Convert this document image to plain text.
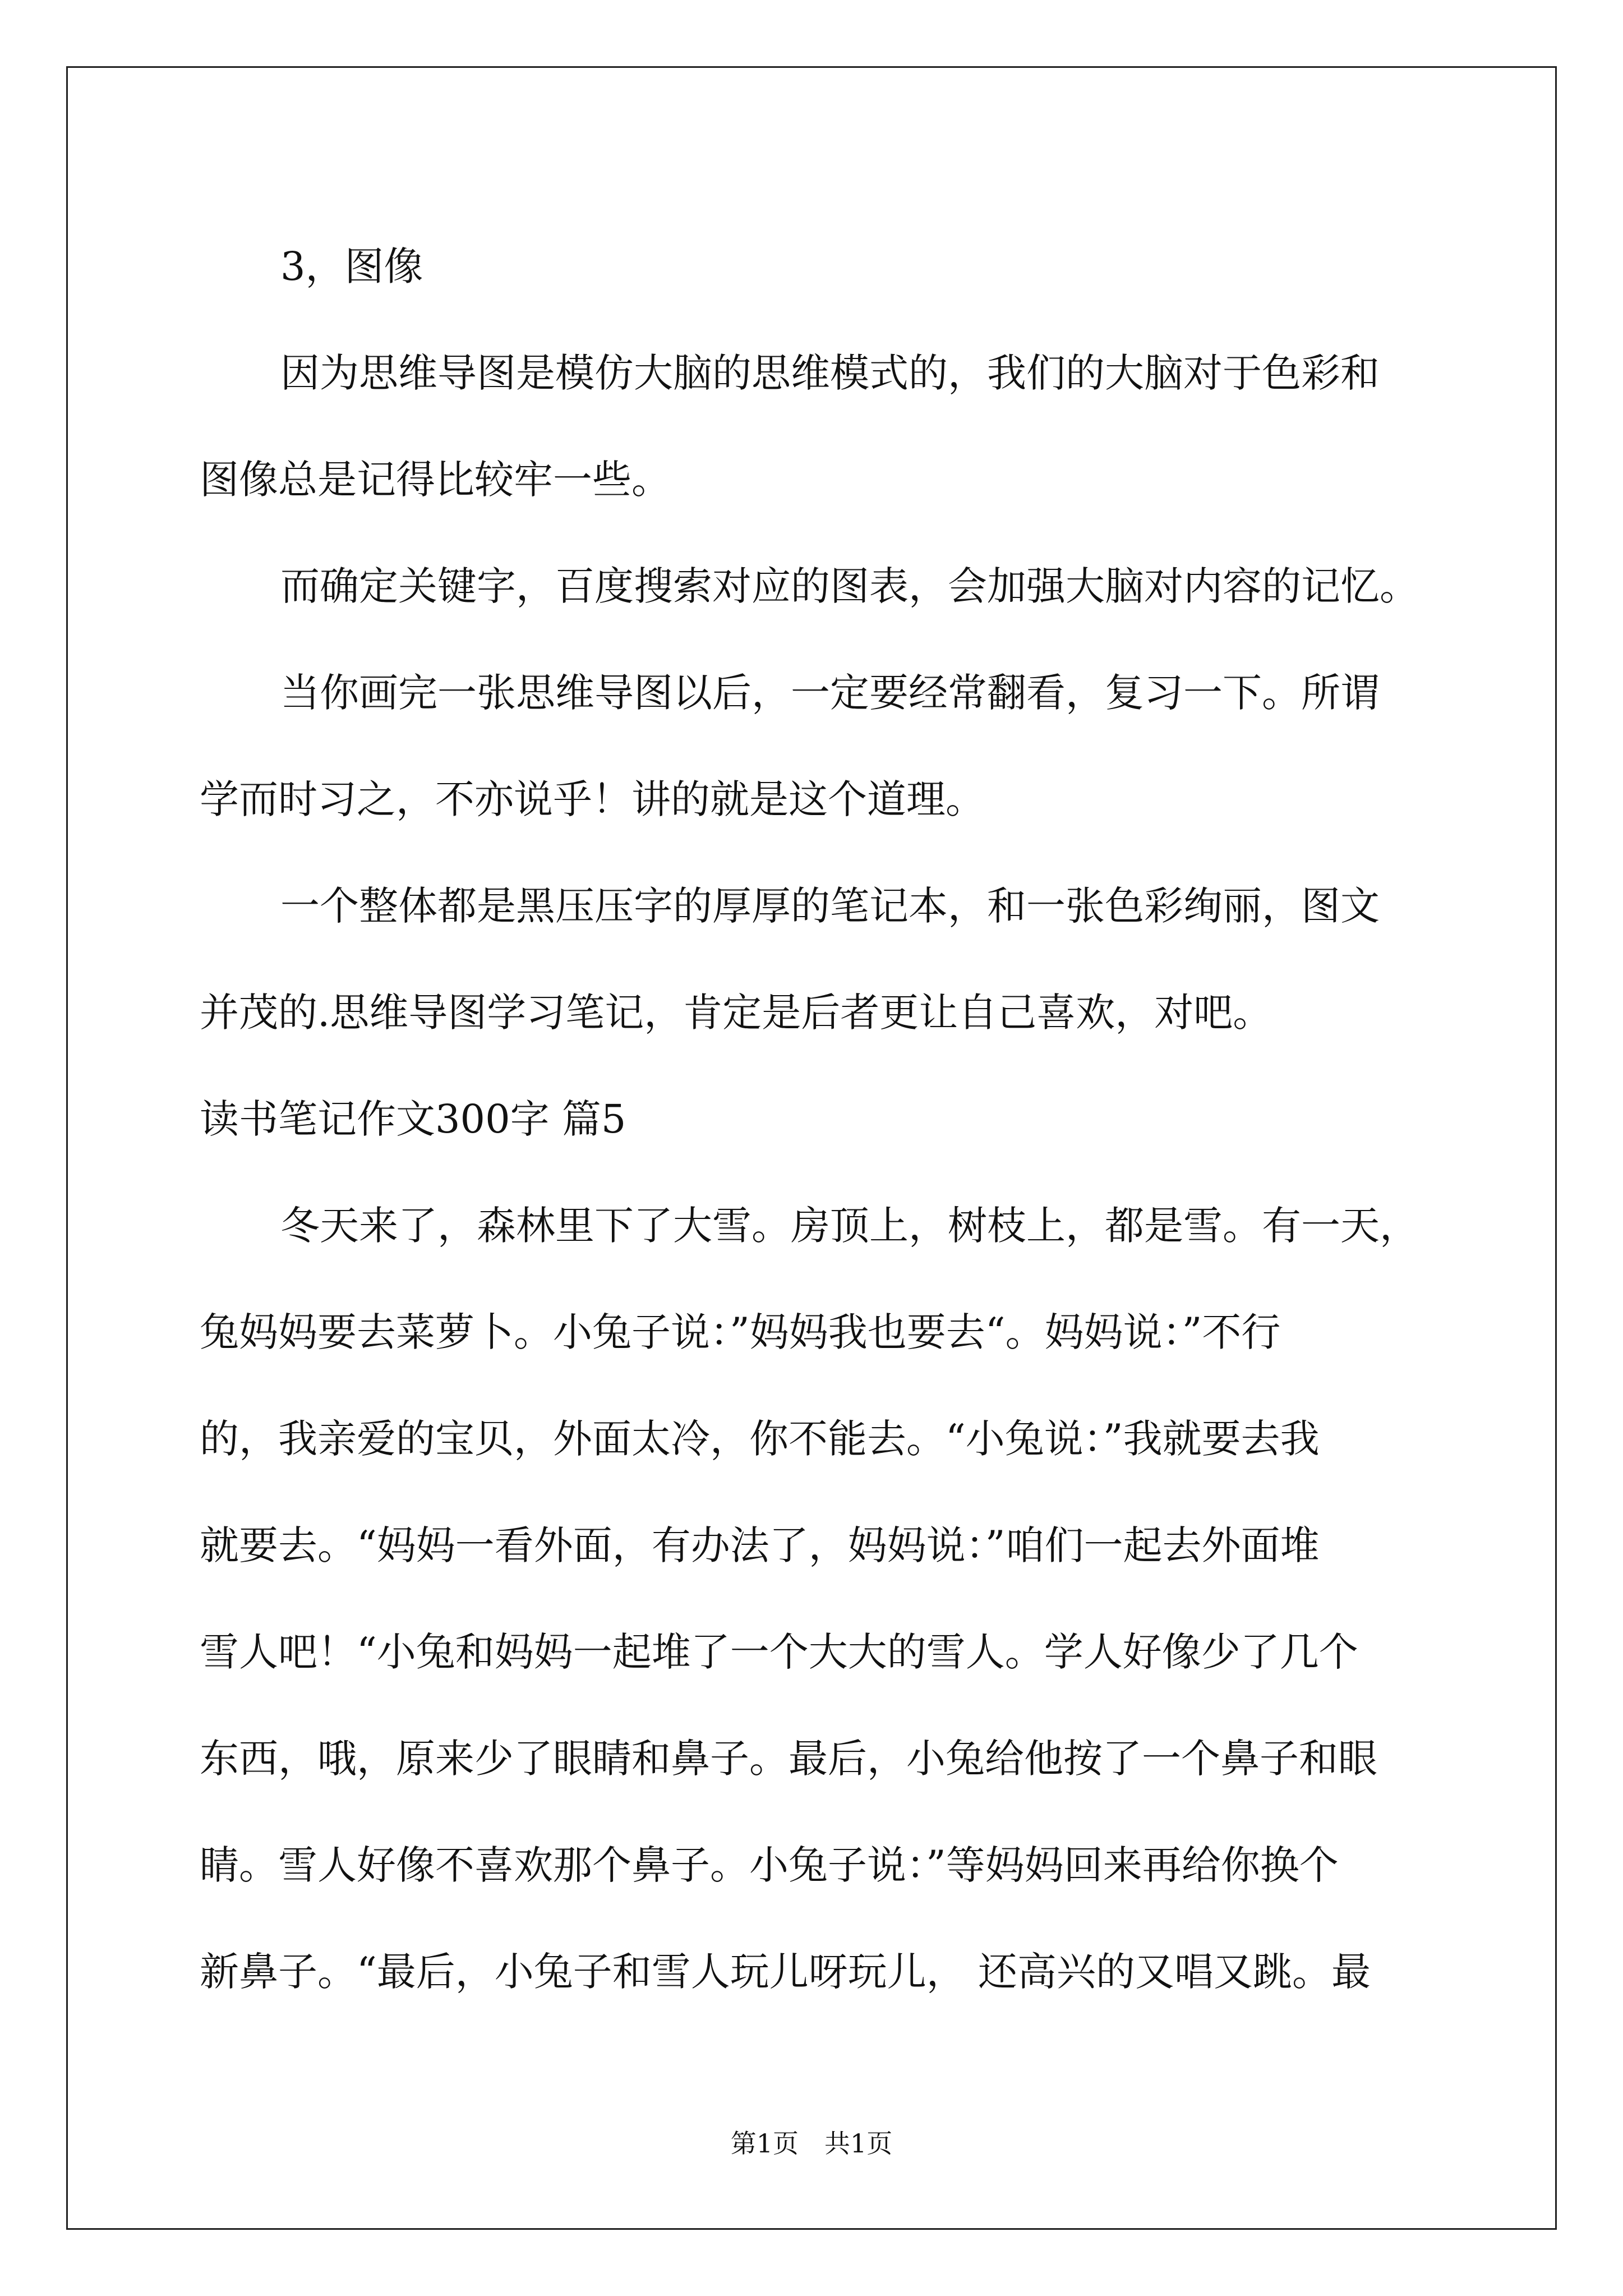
3，图像
因为思维导图是模仿大脑的思维模式的，我们的大脑对于色彩和
图像总是记得比较牢一些。
而确定关键字，百度搜索对应的图表，会加强大脑对内容的记忆。
当你画完一张思维导图以后，一定要经常翻看，复习一下。所谓
学而时习之，不亦说乎！讲的就是这个道理。
一个整体都是黑压压字的厚厚的笔记本，和一张色彩绚丽，图文
并茂的.思维导图学习笔记，肯定是后者更让自己喜欢，对吧。
读书笔记作文300字 篇5
冬天来了，森林里下了大雪。房顶上，树枝上，都是雪。有一天，
兔妈妈要去菜萝卜。小兔子说：”妈妈我也要去“。妈妈说：”不行
的，我亲爱的宝贝，外面太冷，你不能去。“小兔说：”我就要去我
就要去。“妈妈一看外面，有办法了，妈妈说：”咱们一起去外面堆
雪人吧！“小兔和妈妈一起堆了一个大大的雪人。学人好像少了几个
东西，哦，原来少了眼睛和鼻子。最后，小兔给他按了一个鼻子和眼
睛。雪人好像不喜欢那个鼻子。小兔子说：”等妈妈回来再给你换个
新鼻子。“最后，小兔子和雪人玩儿呀玩儿， 还高兴的又唱又跳。最
第1页　共1页
